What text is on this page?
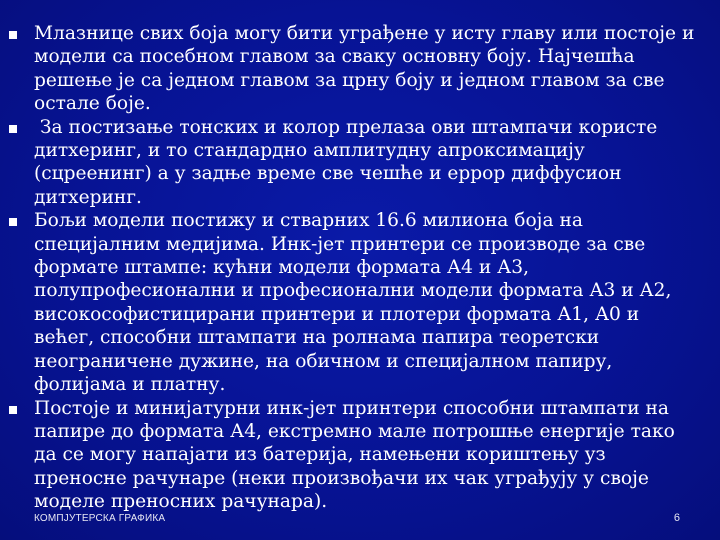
Млазнице свих боја могу бити уграђене у исту главу или постоје и модели са посебном главом за сваку основну боју. Најчешћа решење је са једном главом за црну боју и једном главом за све остале боје.
За постизање тонских и колор прелаза ови штампачи користе дитхеринг, и то стандардно амплитудну апроксимацију (сцреенинг) а у задње време све чешће и еррор диффусион дитхеринг.
Бољи модели постижу и стварних 16.6 милиона боја на специјалним медијима. Инк-јет принтери се производе за све формате штампе: кућни модели формата А4 и А3, полупрофесионални и професионални модели формата А3 и А2, високософистицирани принтери и плотери формата А1, А0 и већег, способни штампати на ролнама папира теоретски неограничене дужине, на обичном и специјалном папиру, фолијама и платну.
Постоје и минијатурни инк-јет принтери способни штампати на папире до формата А4, екстремно мале потрошње енергије тако да се могу напајати из батерија, намењени кориштењу уз преносне рачунаре (неки произвођачи их чак уграђују у своје моделе преносних рачунара).
КОМПЈУТЕРСКА ГРАФИКА	6
